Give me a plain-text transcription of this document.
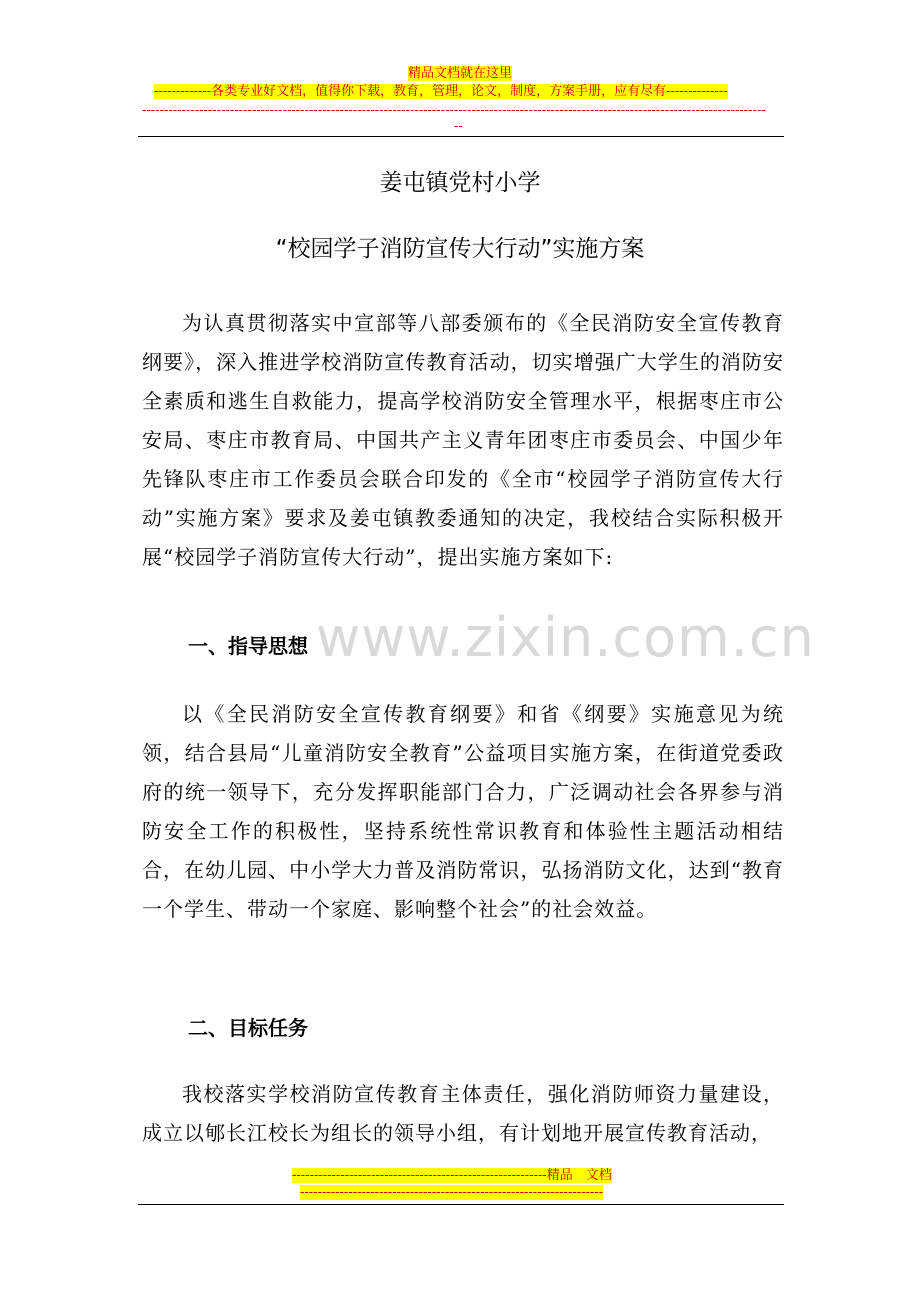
精品文档就在这里
-------------各类专业好文档，值得你下载，教育，管理，论文，制度，方案手册，应有尽有--------------
----------------------------------------------------------------------------------------------------------------------------------------------
--
姜屯镇党村小学
“校园学子消防宣传大行动”实施方案

为认真贯彻落实中宣部等八部委颁布的《全民消防安全宣传教育纲要》，深入推进学校消防宣传教育活动，切实增强广大学生的消防安全素质和逃生自救能力，提高学校消防安全管理水平，根据枣庄市公安局、枣庄市教育局、中国共产主义青年团枣庄市委员会、中国少年先锋队枣庄市工作委员会联合印发的《全市“校园学子消防宣传大行动”实施方案》要求及姜屯镇教委通知的决定，我校结合实际积极开展“校园学子消防宣传大行动”，提出实施方案如下:

www.zixin.com.cn
一、指导思想

以《全民消防安全宣传教育纲要》和省《纲要》实施意见为统领，结合县局“儿童消防安全教育”公益项目实施方案，在街道党委政府的统一领导下，充分发挥职能部门合力，广泛调动社会各界参与消防安全工作的积极性，坚持系统性常识教育和体验性主题活动相结合，在幼儿园、中小学大力普及消防常识，弘扬消防文化，达到“教育一个学生、带动一个家庭、影响整个社会”的社会效益。

二、目标任务

我校落实学校消防宣传教育主体责任，强化消防师资力量建设，成立以郇长江校长为组长的领导小组，有计划地开展宣传教育活动，

----------------------------------------------------------精品　文档
---------------------------------------------------------------------
